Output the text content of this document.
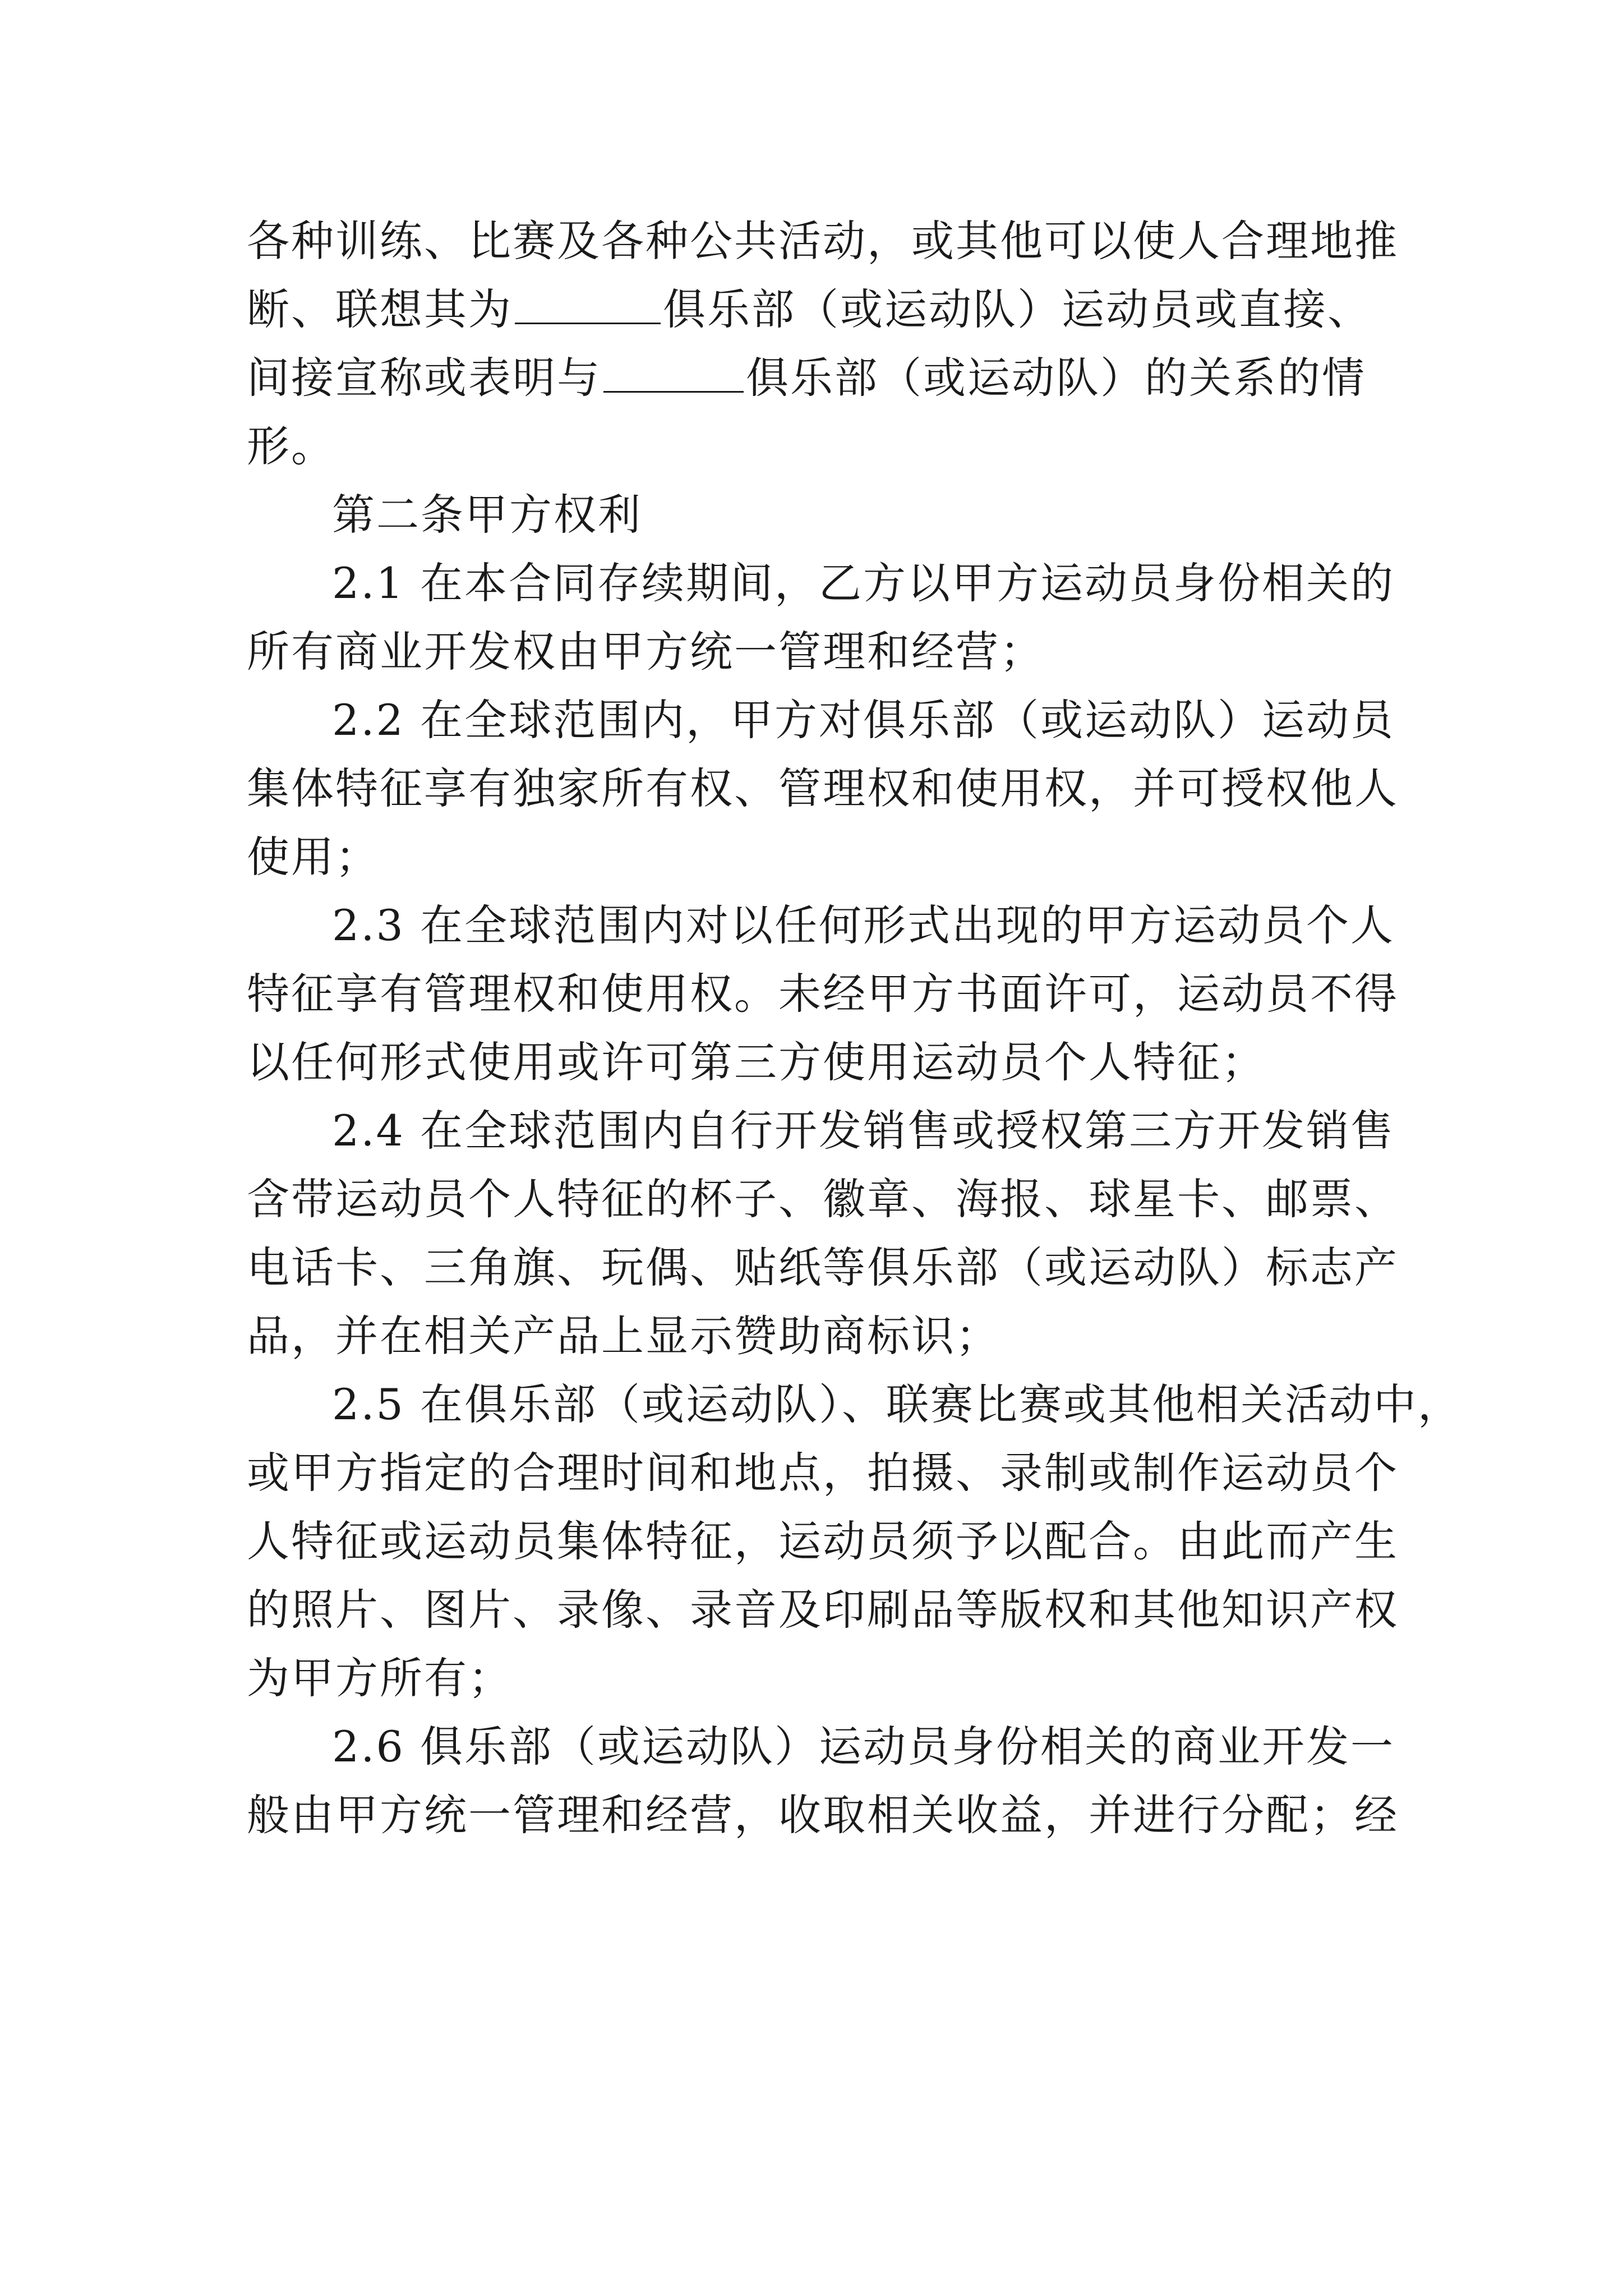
各种训练、比赛及各种公共活动，或其他可以使人合理地推
断、联想其为	俱乐部（或运动队）运动员或直接、
间接宣称或表明与	俱乐部（或运动队）的关系的情
形。
第二条甲方权利
2.1 在本合同存续期间，乙方以甲方运动员身份相关的
所有商业开发权由甲方统一管理和经营；
2.2 在全球范围内，甲方对俱乐部（或运动队）运动员
集体特征享有独家所有权、管理权和使用权，并可授权他人
使用；
2.3 在全球范围内对以任何形式出现的甲方运动员个人
特征享有管理权和使用权。未经甲方书面许可，运动员不得
以任何形式使用或许可第三方使用运动员个人特征；
2.4 在全球范围内自行开发销售或授权第三方开发销售
含带运动员个人特征的杯子、徽章、海报、球星卡、邮票、
电话卡、三角旗、玩偶、贴纸等俱乐部（或运动队）标志产
品，并在相关产品上显示赞助商标识；
2.5 在俱乐部（或运动队）、联赛比赛或其他相关活动中，
或甲方指定的合理时间和地点，拍摄、录制或制作运动员个
人特征或运动员集体特征，运动员须予以配合。由此而产生
的照片、图片、录像、录音及印刷品等版权和其他知识产权
为甲方所有；
2.6 俱乐部（或运动队）运动员身份相关的商业开发一
般由甲方统一管理和经营，收取相关收益，并进行分配；经
